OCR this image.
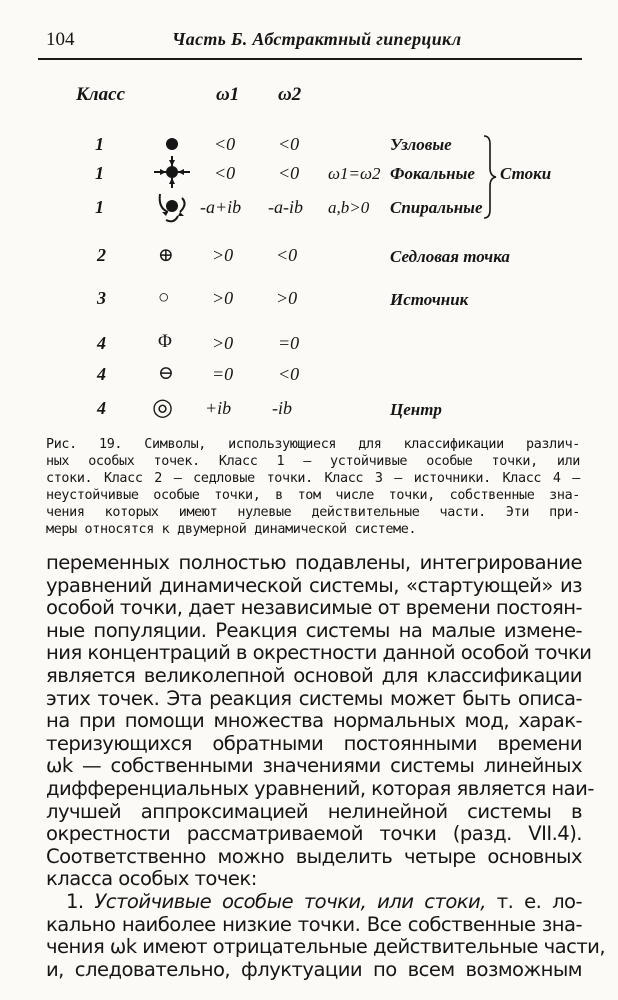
104	Часть Б. Абстрактный гиперцикл
Класс	ω1 ω2
1	<0 <0	Узловые
1	<0 <0 ω1=ω2 Фокальные
1	-a+ib -a-ib a,b>0 Спиральные
Стоки
2	⊕ >0 <0	Седловая точка
3	○ >0 >0	Источник
4	Φ >0 =0
4	⊖ =0 <0
4 ◎ +ib -ib	Центр
Рис. 19. Символы, использующиеся для классификации различ-
ных особых точек. Класс 1 — устойчивые особые точки, или
стоки. Класс 2 — седловые точки. Класс 3 — источники. Класс 4 —
неустойчивые особые точки, в том числе точки, собственные зна-
чения которых имеют нулевые действительные части. Эти при-
меры относятся к двумерной динамической системе.
переменных полностью подавлены, интегрирование
уравнений динамической системы, «стартующей» из
особой точки, дает независимые от времени постоян-
ные популяции. Реакция системы на малые измене-
ния концентраций в окрестности данной особой точки
является великолепной основой для классификации
этих точек. Эта реакция системы может быть описа-
на при помощи множества нормальных мод, харак-
теризующихся обратными постоянными времени
ωk — собственными значениями системы линейных
дифференциальных уравнений, которая является наи-
лучшей аппроксимацией нелинейной системы в
окрестности рассматриваемой точки (разд. VII.4).
Соответственно можно выделить четыре основных
класса особых точек:
1. Устойчивые особые точки, или стоки, т. е. ло-
кально наиболее низкие точки. Все собственные зна-
чения ωk имеют отрицательные действительные части,
и, следовательно, флуктуации по всем возможным
